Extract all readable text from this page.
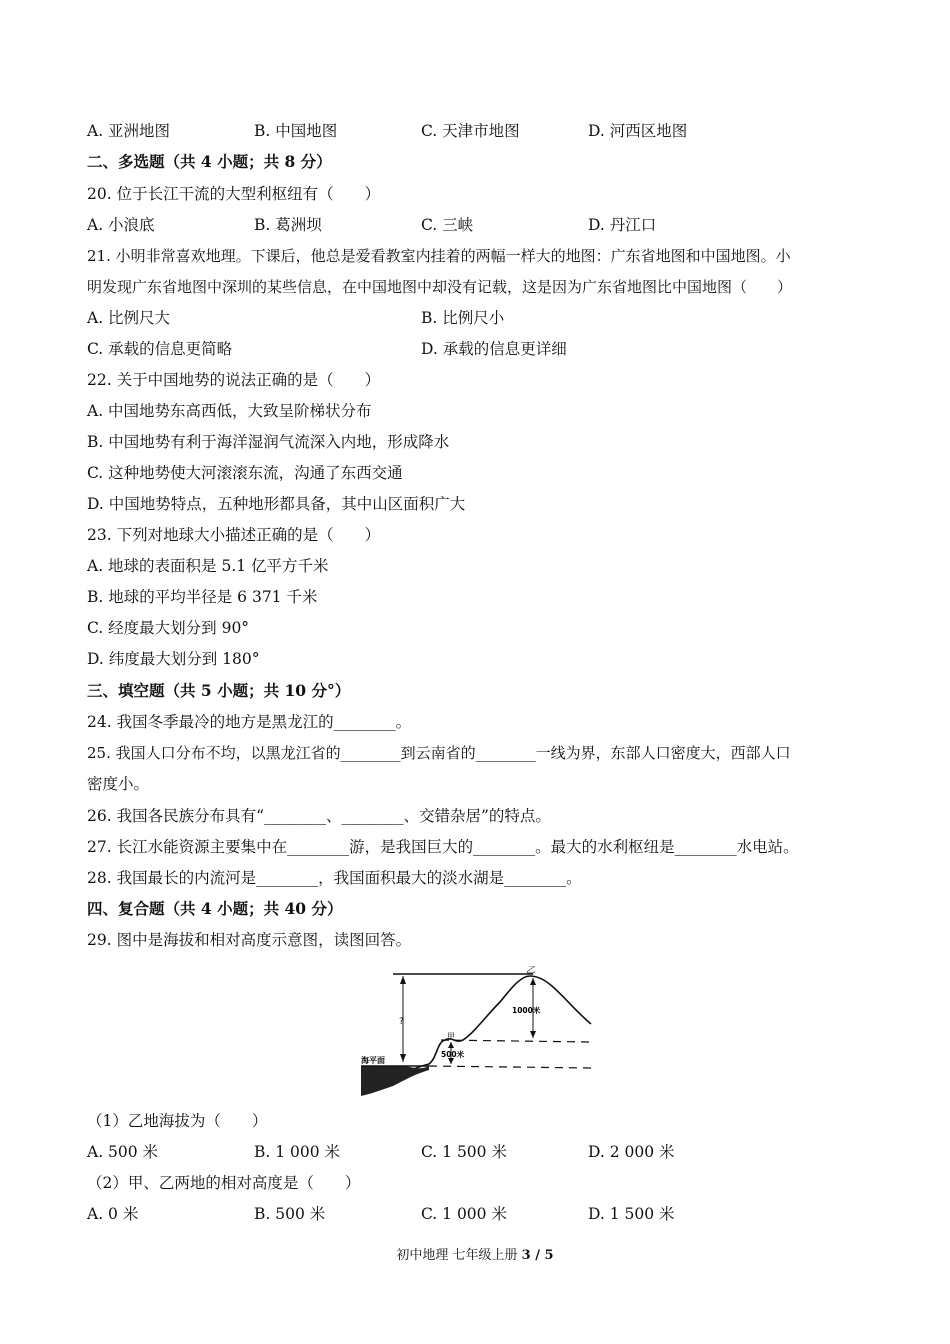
A. 亚洲地图	B. 中国地图	C. 天津市地图	D. 河西区地图
二、多选题（共 4 小题；共 8 分）
20. 位于长江干流的大型利枢纽有（　　）
A. 小浪底	B. 葛洲坝	C. 三峡	D. 丹江口
21. 小明非常喜欢地理。下课后，他总是爱看教室内挂着的两幅一样大的地图：广东省地图和中国地图。小
明发现广东省地图中深圳的某些信息，在中国地图中却没有记载，这是因为广东省地图比中国地图（　　）
A. 比例尺大	B. 比例尺小
C. 承载的信息更简略	D. 承载的信息更详细
22. 关于中国地势的说法正确的是（　　）
A. 中国地势东高西低，大致呈阶梯状分布
B. 中国地势有利于海洋湿润气流深入内地，形成降水
C. 这种地势使大河滚滚东流，沟通了东西交通
D. 中国地势特点，五种地形都具备，其中山区面积广大
23. 下列对地球大小描述正确的是（　　）
A. 地球的表面积是 5.1 亿平方千米
B. 地球的平均半径是 6 371 千米
C. 经度最大划分到 90°
D. 纬度最大划分到 180°
三、填空题（共 5 小题；共 10 分°）
24. 我国冬季最冷的地方是黑龙江的________。
25. 我国人口分布不均，以黑龙江省的________到云南省的________一线为界，东部人口密度大，西部人口
密度小。
26. 我国各民族分布具有“________、________、交错杂居”的特点。
27. 长江水能资源主要集中在________游，是我国巨大的________。最大的水利枢纽是________水电站。
28. 我国最长的内流河是________，我国面积最大的淡水湖是________。
四、复合题（共 4 小题；共 40 分）
29. 图中是海拔和相对高度示意图，读图回答。
?
1000米
500米
乙
甲
海平面
（1）乙地海拔为（　　）
A. 500 米	B. 1 000 米	C. 1 500 米	D. 2 000 米
（2）甲、乙两地的相对高度是（　　）
A. 0 米	B. 500 米	C. 1 000 米	D. 1 500 米
初中地理 七年级上册 3 / 5
